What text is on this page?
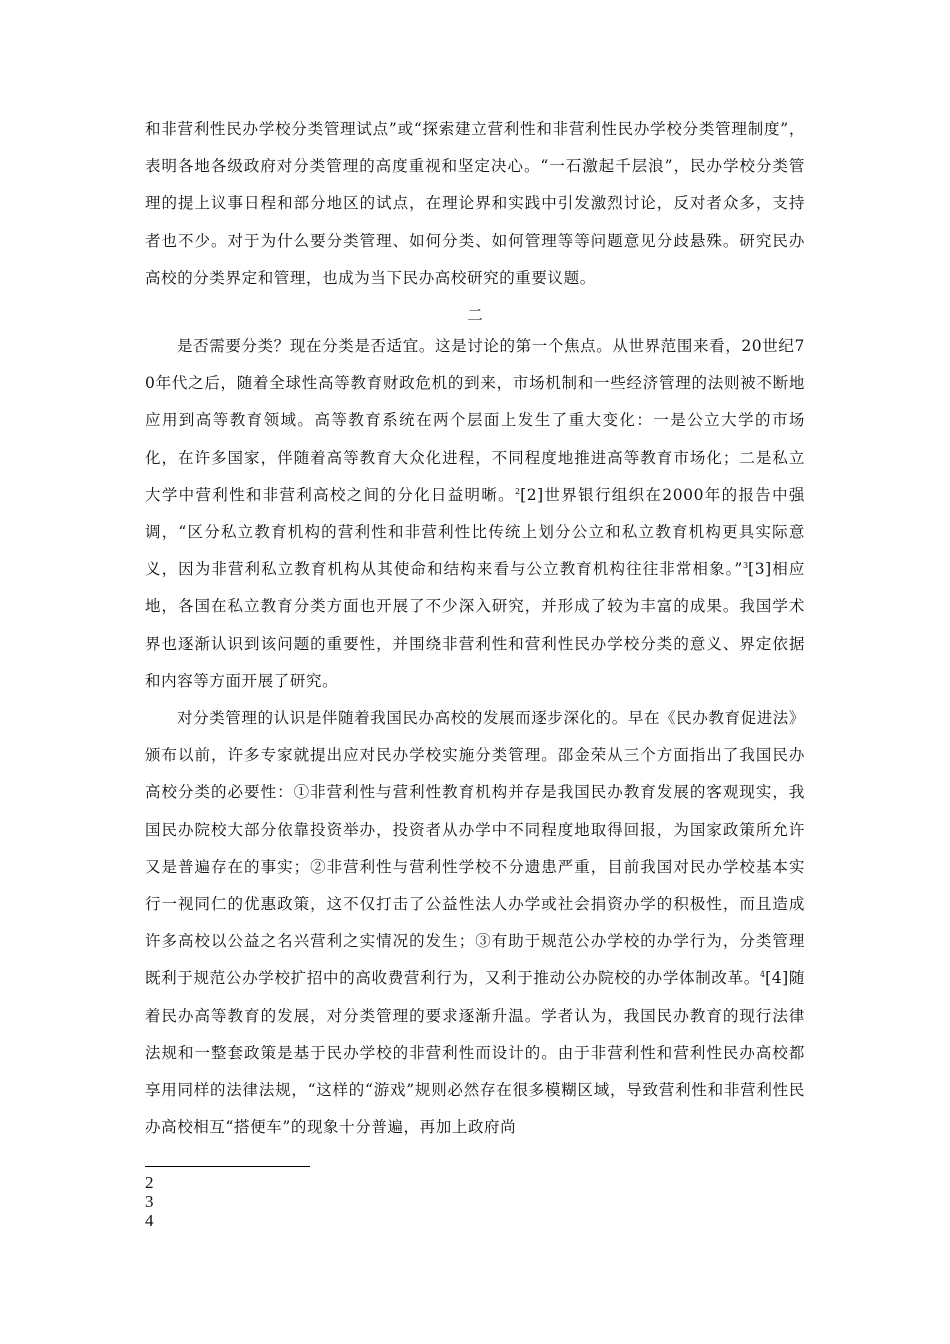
和非营利性民办学校分类管理试点”或“探索建立营利性和非营利性民办学校分类管理制度”，表明各地各级政府对分类管理的高度重视和坚定决心。“一石激起千层浪”，民办学校分类管理的提上议事日程和部分地区的试点，在理论界和实践中引发激烈讨论，反对者众多，支持者也不少。对于为什么要分类管理、如何分类、如何管理等等问题意见分歧悬殊。研究民办高校的分类界定和管理，也成为当下民办高校研究的重要议题。

二

是否需要分类？现在分类是否适宜。这是讨论的第一个焦点。从世界范围来看，20世纪70年代之后，随着全球性高等教育财政危机的到来，市场机制和一些经济管理的法则被不断地应用到高等教育领域。高等教育系统在两个层面上发生了重大变化：一是公立大学的市场化，在许多国家，伴随着高等教育大众化进程，不同程度地推进高等教育市场化；二是私立大学中营利性和非营利高校之间的分化日益明晰。$^2$[2]世界银行组织在2000年的报告中强调，“区分私立教育机构的营利性和非营利性比传统上划分公立和私立教育机构更具实际意义，因为非营利私立教育机构从其使命和结构来看与公立教育机构往往非常相象。”$^3$[3]相应地，各国在私立教育分类方面也开展了不少深入研究，并形成了较为丰富的成果。我国学术界也逐渐认识到该问题的重要性，并围绕非营利性和营利性民办学校分类的意义、界定依据和内容等方面开展了研究。

对分类管理的认识是伴随着我国民办高校的发展而逐步深化的。早在《民办教育促进法》颁布以前，许多专家就提出应对民办学校实施分类管理。邵金荣从三个方面指出了我国民办高校分类的必要性：①非营利性与营利性教育机构并存是我国民办教育发展的客观现实，我国民办院校大部分依靠投资举办，投资者从办学中不同程度地取得回报，为国家政策所允许又是普遍存在的事实；②非营利性与营利性学校不分遗患严重，目前我国对民办学校基本实行一视同仁的优惠政策，这不仅打击了公益性法人办学或社会捐资办学的积极性，而且造成许多高校以公益之名兴营利之实情况的发生；③有助于规范公办学校的办学行为，分类管理既利于规范公办学校扩招中的高收费营利行为，又利于推动公办院校的办学体制改革。$^4$[4]随着民办高等教育的发展，对分类管理的要求逐渐升温。学者认为，我国民办教育的现行法律法规和一整套政策是基于民办学校的非营利性而设计的。由于非营利性和营利性民办高校都享用同样的法律法规，“这样的“游戏”规则必然存在很多模糊区域，导致营利性和非营利性民办高校相互“搭便车”的现象十分普遍，再加上政府尚

2
3
4
